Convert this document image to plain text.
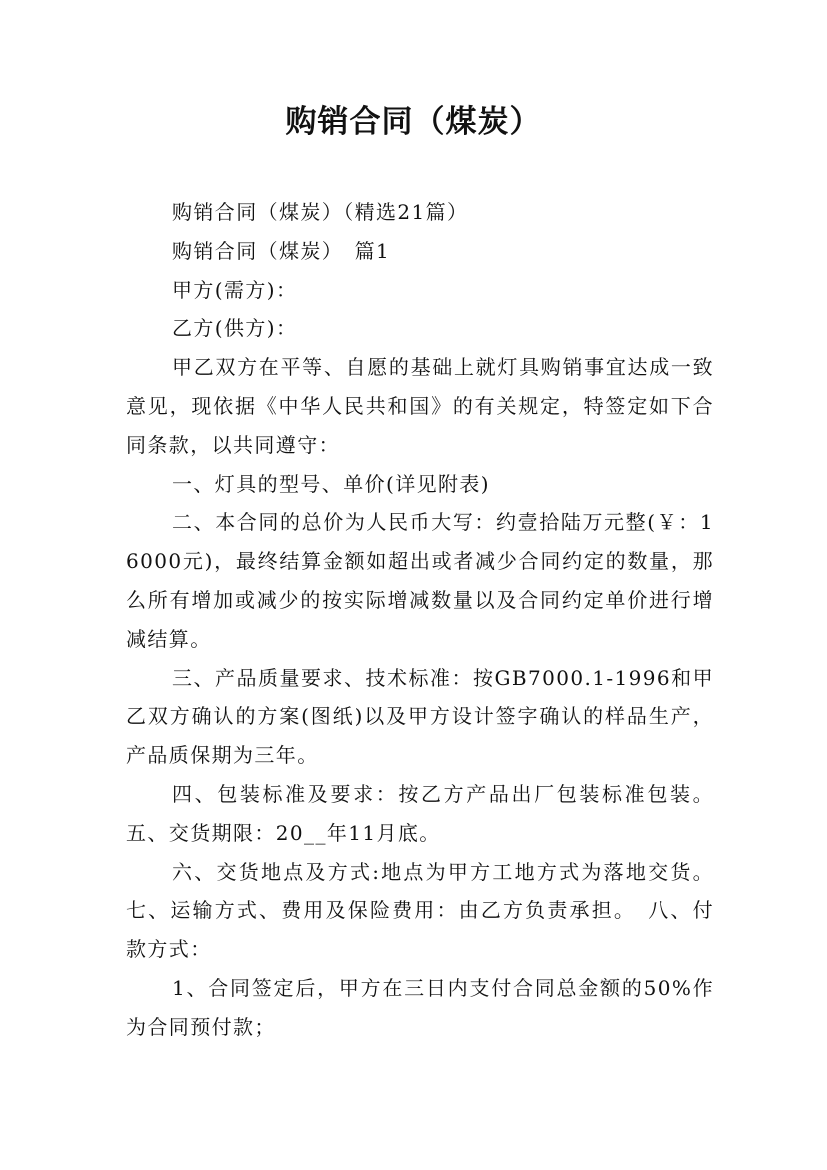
购销合同（煤炭）

购销合同（煤炭）（精选21篇）

购销合同（煤炭）　篇1

甲方(需方)：

乙方(供方)：

甲乙双方在平等、自愿的基础上就灯具购销事宜达成一致意见，现依据《中华人民共和国》的有关规定，特签定如下合同条款，以共同遵守：

一、灯具的型号、单价(详见附表)

二、本合同的总价为人民币大写：约壹拾陆万元整(￥：16000元)，最终结算金额如超出或者减少合同约定的数量，那么所有增加或减少的按实际增减数量以及合同约定单价进行增减结算。

三、产品质量要求、技术标准：按GB7000.1-1996和甲乙双方确认的方案(图纸)以及甲方设计签字确认的样品生产，产品质保期为三年。

四、包装标准及要求：按乙方产品出厂包装标准包装。五、交货期限：20__年11月底。

六、交货地点及方式:地点为甲方工地方式为落地交货。七、运输方式、费用及保险费用：由乙方负责承担。　八、付款方式：

1、合同签定后，甲方在三日内支付合同总金额的50%作为合同预付款；
